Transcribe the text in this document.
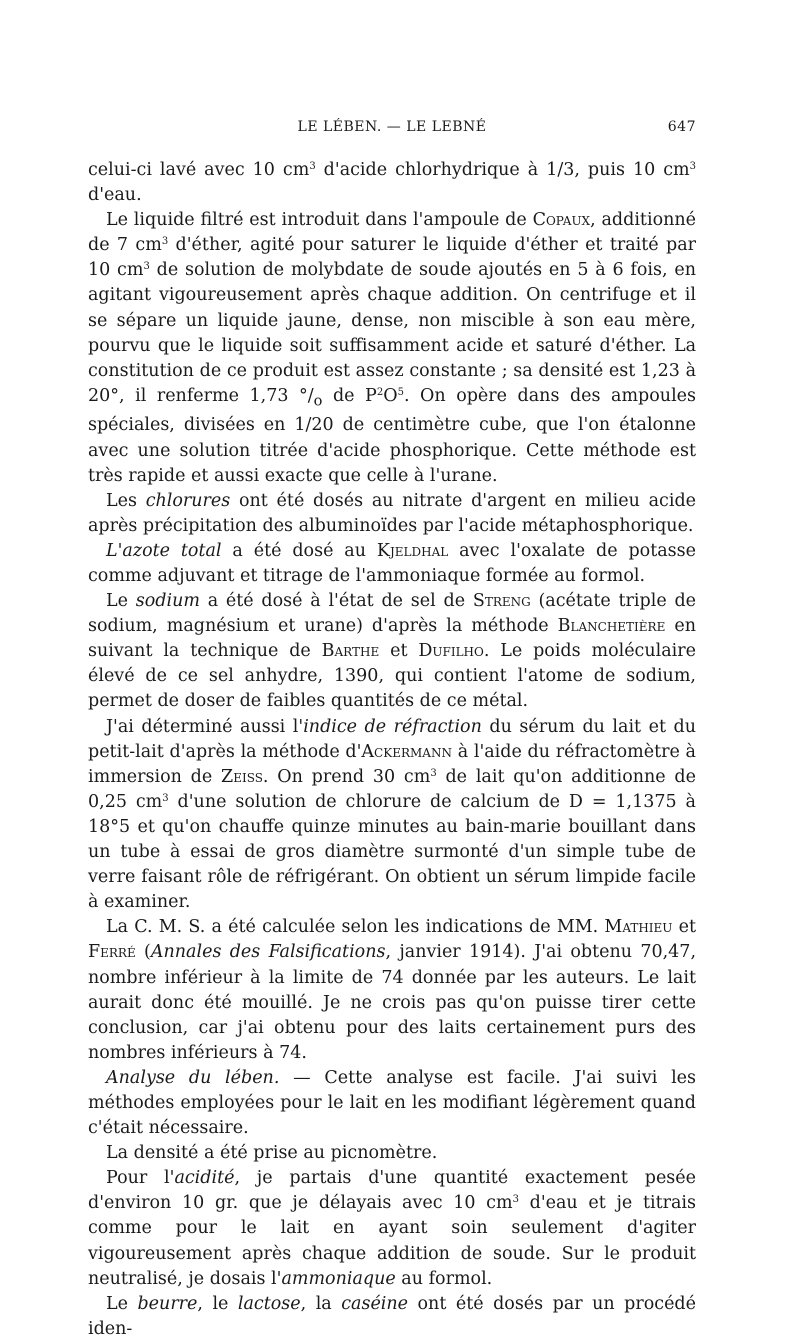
LE LÉBEN. — LE LEBNÉ	647

celui-ci lavé avec 10 $cm^3$ d'acide chlorhydrique à 1/3, puis 10 $cm^3$ d'eau.

Le liquide filtré est introduit dans l'ampoule de Copaux, additionné de 7 $cm^3$ d'éther, agité pour saturer le liquide d'éther et traité par 10 $cm^3$ de solution de molybdate de soude ajoutés en 5 à 6 fois, en agitant vigoureusement après chaque addition. On centrifuge et il se sépare un liquide jaune, dense, non miscible à son eau mère, pourvu que le liquide soit suffisamment acide et saturé d'éther. La constitution de ce produit est assez constante ; sa densité est 1,23 à 20°, il renferme 1,73 $^\circ/_o$ de $P^2O^5$. On opère dans des ampoules spéciales, divisées en 1/20 de centimètre cube, que l'on étalonne avec une solution titrée d'acide phosphorique. Cette méthode est très rapide et aussi exacte que celle à l'urane.

Les chlorures ont été dosés au nitrate d'argent en milieu acide après précipitation des albuminoïdes par l'acide métaphosphorique.

L'azote total a été dosé au Kjeldhal avec l'oxalate de potasse comme adjuvant et titrage de l'ammoniaque formée au formol.

Le sodium a été dosé à l'état de sel de Streng (acétate triple de sodium, magnésium et urane) d'après la méthode Blanchetière en suivant la technique de Barthe et Dufilho. Le poids moléculaire élevé de ce sel anhydre, 1390, qui contient l'atome de sodium, permet de doser de faibles quantités de ce métal.

J'ai déterminé aussi l'indice de réfraction du sérum du lait et du petit-lait d'après la méthode d'Ackermann à l'aide du réfractomètre à immersion de Zeiss. On prend 30 $cm^3$ de lait qu'on additionne de 0,25 $cm^3$ d'une solution de chlorure de calcium de D = 1,1375 à 18°5 et qu'on chauffe quinze minutes au bain-marie bouillant dans un tube à essai de gros diamètre surmonté d'un simple tube de verre faisant rôle de réfrigérant. On obtient un sérum limpide facile à examiner.

La C. M. S. a été calculée selon les indications de MM. Mathieu et Ferré (Annales des Falsifications, janvier 1914). J'ai obtenu 70,47, nombre inférieur à la limite de 74 donnée par les auteurs. Le lait aurait donc été mouillé. Je ne crois pas qu'on puisse tirer cette conclusion, car j'ai obtenu pour des laits certainement purs des nombres inférieurs à 74.

Analyse du lében. — Cette analyse est facile. J'ai suivi les méthodes employées pour le lait en les modifiant légèrement quand c'était nécessaire.

La densité a été prise au picnomètre.

Pour l'acidité, je partais d'une quantité exactement pesée d'environ 10 gr. que je délayais avec 10 $cm^3$ d'eau et je titrais comme pour le lait en ayant soin seulement d'agiter vigoureusement après chaque addition de soude. Sur le produit neutralisé, je dosais l'ammoniaque au formol.

Le beurre, le lactose, la caséine ont été dosés par un procédé iden-
